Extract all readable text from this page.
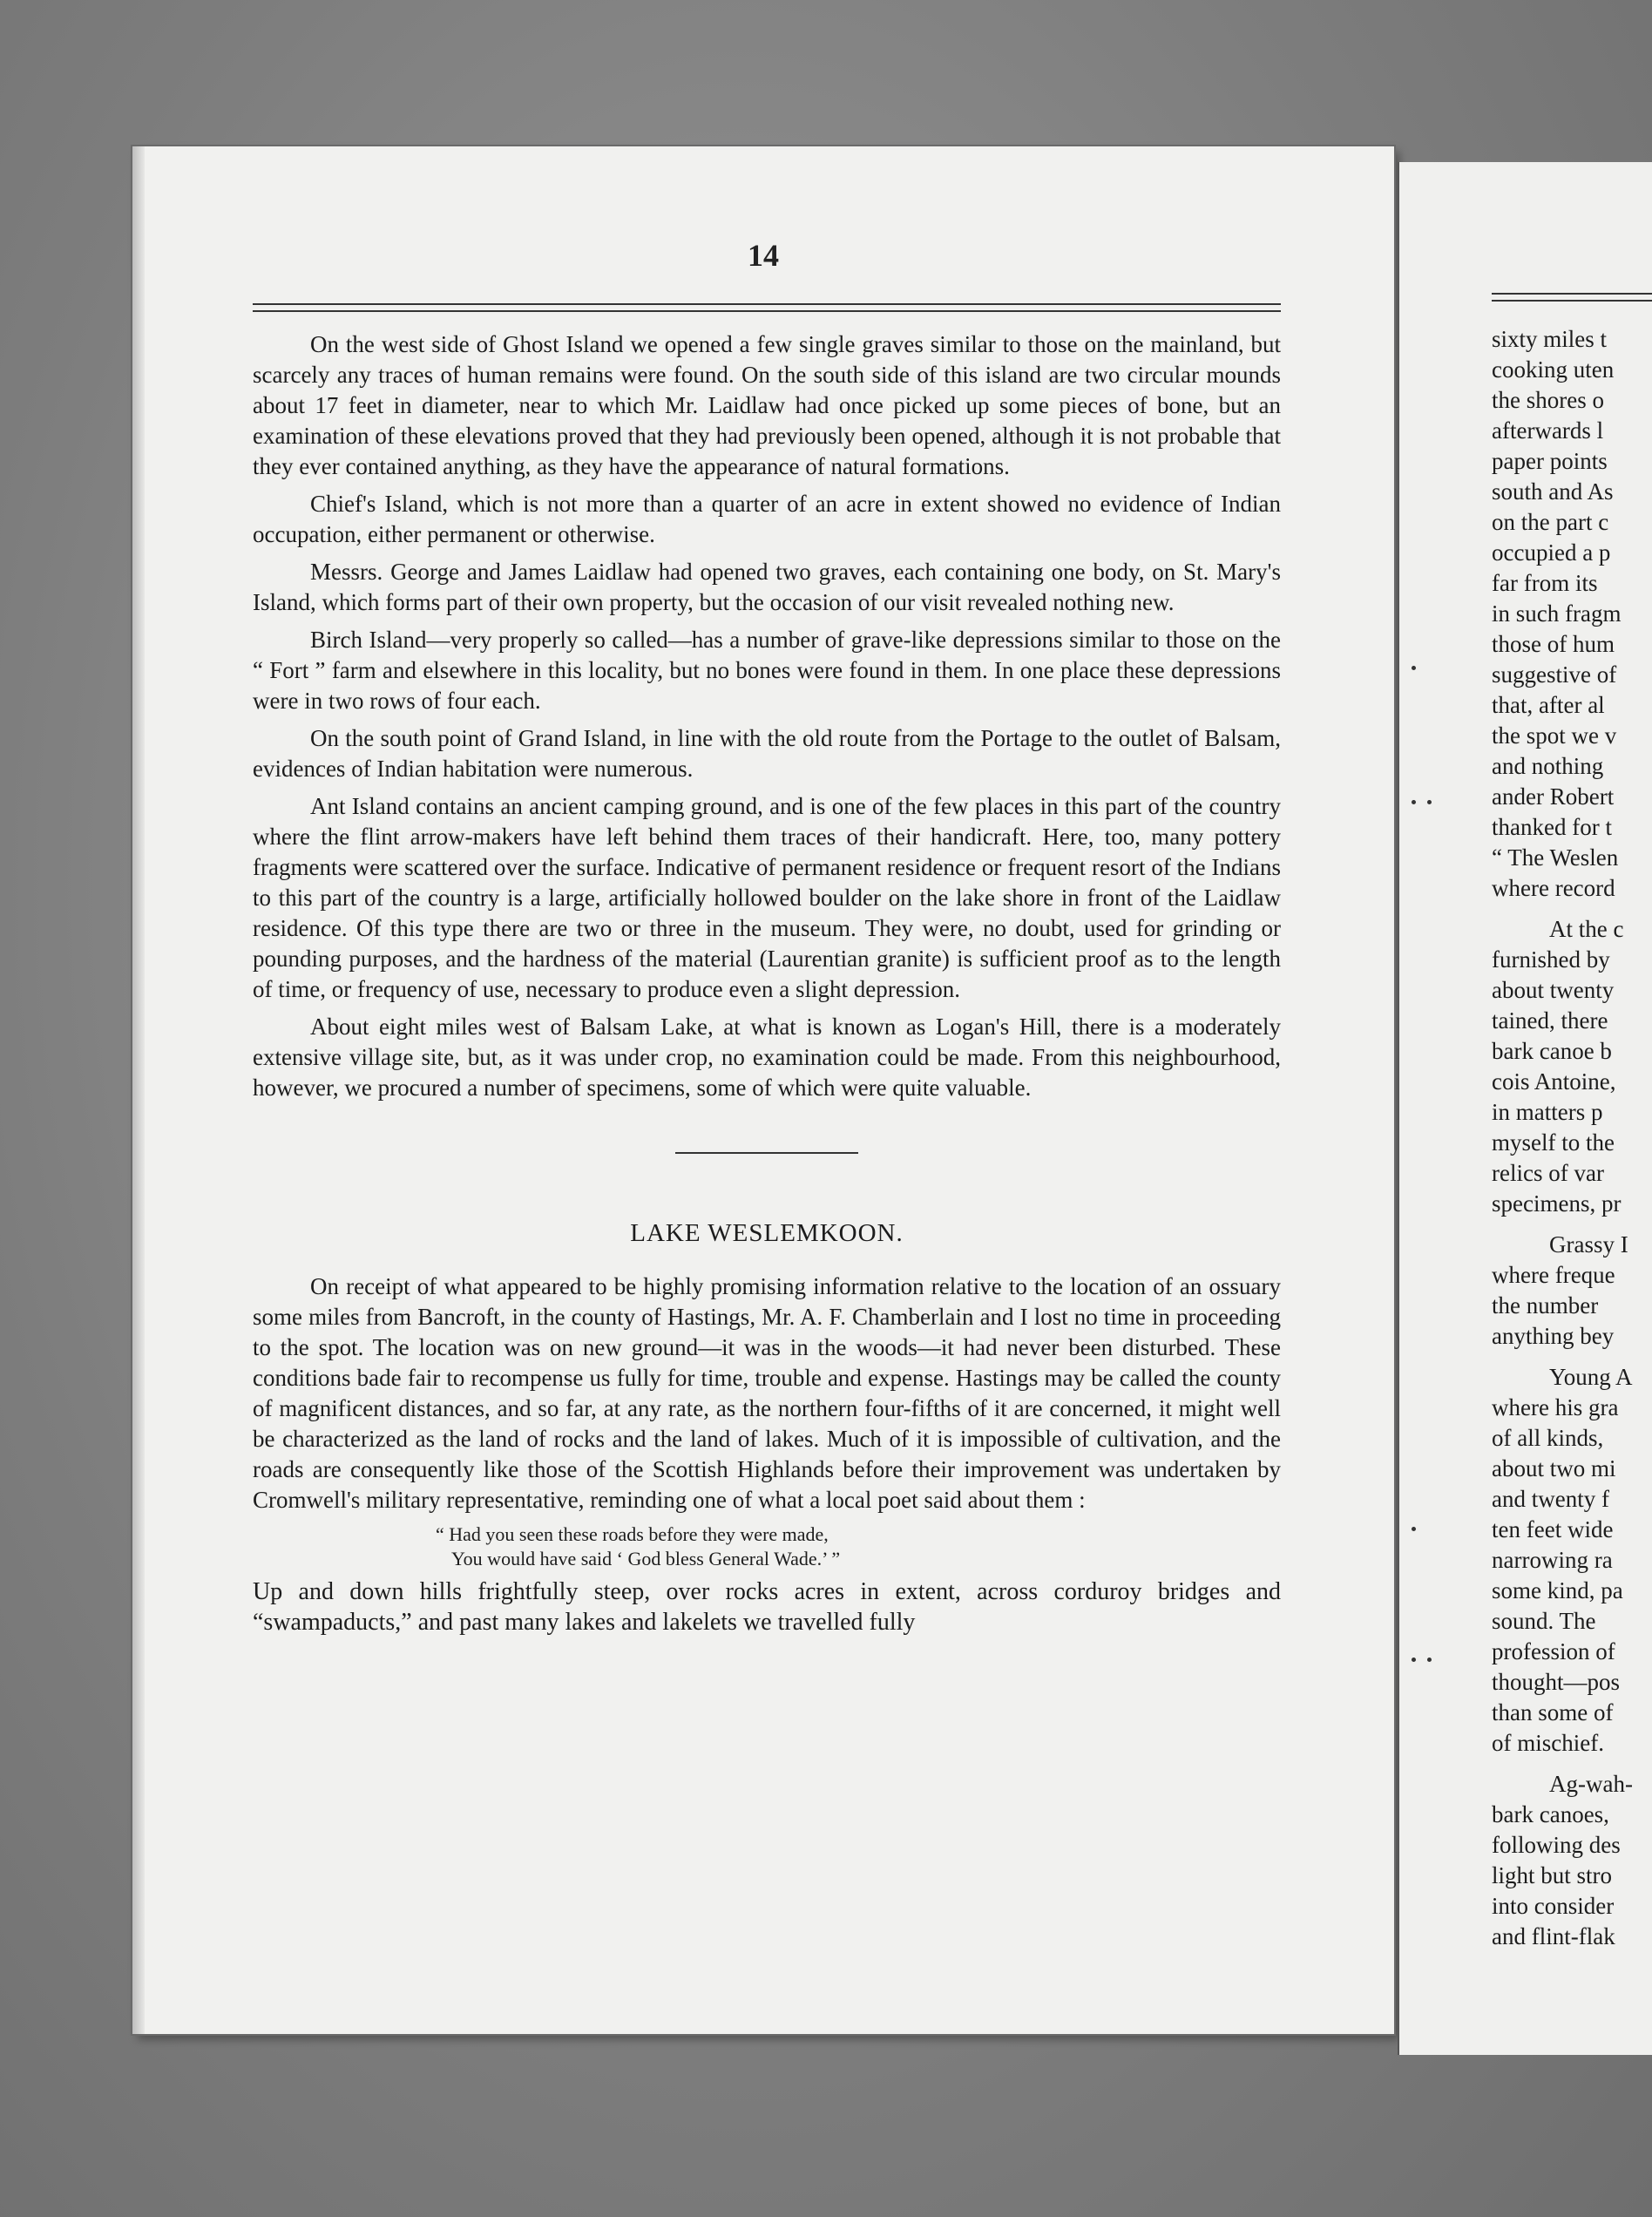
14

On the west side of Ghost Island we opened a few single graves similar to those on the mainland, but scarcely any traces of human remains were found. On the south side of this island are two circular mounds about 17 feet in diameter, near to which Mr. Laidlaw had once picked up some pieces of bone, but an examination of these elevations proved that they had previously been opened, although it is not probable that they ever contained anything, as they have the appearance of natural formations.

Chief's Island, which is not more than a quarter of an acre in extent showed no evidence of Indian occupation, either permanent or otherwise.

Messrs. George and James Laidlaw had opened two graves, each containing one body, on St. Mary's Island, which forms part of their own property, but the occasion of our visit revealed nothing new.

Birch Island—very properly so called—has a number of grave-like depressions similar to those on the “ Fort ” farm and elsewhere in this locality, but no bones were found in them. In one place these depressions were in two rows of four each.

On the south point of Grand Island, in line with the old route from the Portage to the outlet of Balsam, evidences of Indian habitation were numerous.

Ant Island contains an ancient camping ground, and is one of the few places in this part of the country where the flint arrow-makers have left behind them traces of their handicraft. Here, too, many pottery fragments were scattered over the surface. Indicative of permanent residence or frequent resort of the Indians to this part of the country is a large, artificially hollowed boulder on the lake shore in front of the Laidlaw residence. Of this type there are two or three in the museum. They were, no doubt, used for grinding or pounding purposes, and the hardness of the material (Laurentian granite) is sufficient proof as to the length of time, or frequency of use, necessary to produce even a slight depression.

About eight miles west of Balsam Lake, at what is known as Logan's Hill, there is a moderately extensive village site, but, as it was under crop, no examination could be made. From this neighbourhood, however, we procured a number of specimens, some of which were quite valuable.

LAKE WESLEMKOON.

On receipt of what appeared to be highly promising information relative to the location of an ossuary some miles from Bancroft, in the county of Hastings, Mr. A. F. Chamberlain and I lost no time in proceeding to the spot. The location was on new ground—it was in the woods—it had never been disturbed. These conditions bade fair to recompense us fully for time, trouble and expense. Hastings may be called the county of magnificent distances, and so far, at any rate, as the northern four-fifths of it are concerned, it might well be characterized as the land of rocks and the land of lakes. Much of it is impossible of cultivation, and the roads are consequently like those of the Scottish Highlands before their improvement was undertaken by Cromwell's military representative, reminding one of what a local poet said about them :

“ Had you seen these roads before they were made,
You would have said ‘ God bless General Wade.’ ”

Up and down hills frightfully steep, over rocks acres in extent, across corduroy bridges and “swampaducts,” and past many lakes and lakelets we travelled fully

sixty miles t
cooking uten
the shores o
afterwards l
paper points
south and As
on the part c
occupied a p
far from its
in such fragm
those of hum
suggestive of
that, after al
the spot we v
and nothing
ander Robert
thanked for t
“ The Weslen
where record
At the c
furnished by
about twenty
tained, there
bark canoe b
cois Antoine,
in matters p
myself to the
relics of var
specimens, pr
Grassy I
where freque
the number
anything bey
Young A
where his gra
of all kinds,
about two mi
and twenty f
ten feet wide
narrowing ra
some kind, pa
sound. The
profession of
thought—pos
than some of
of mischief.
Ag-wah-
bark canoes,
following des
light but stro
into consider
and flint-flak
